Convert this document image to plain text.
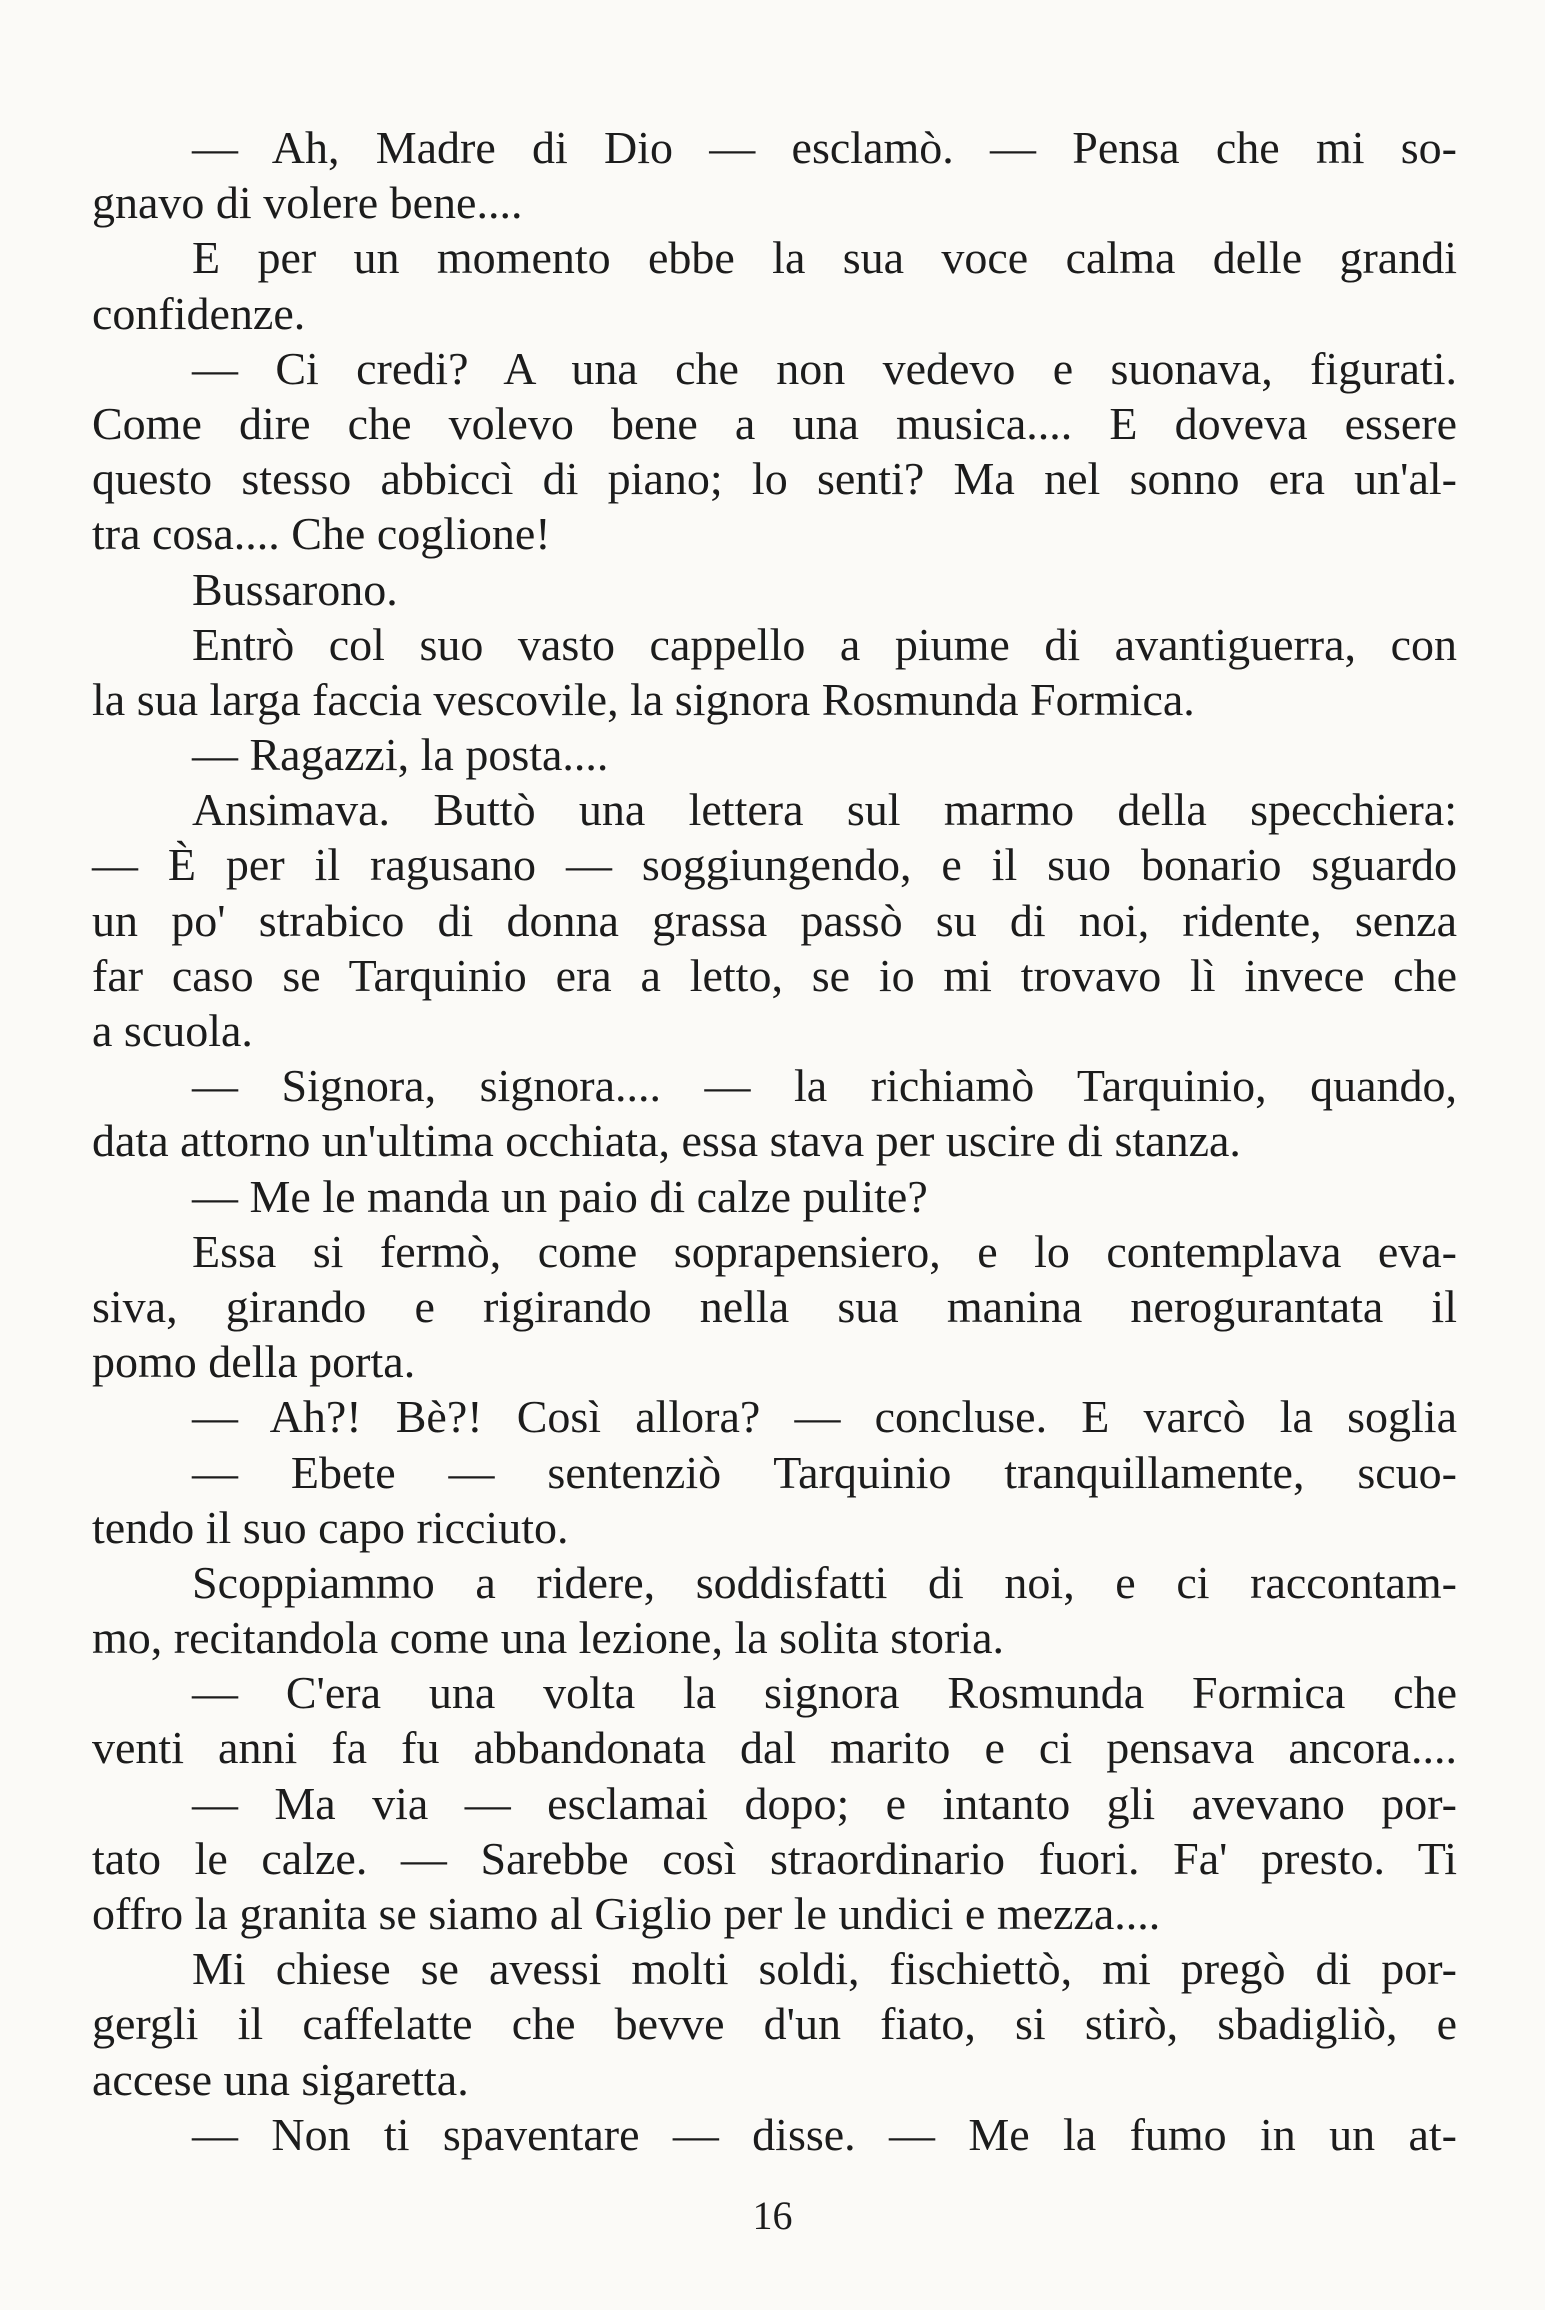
— Ah, Madre di Dio — esclamò. — Pensa che mi so-
gnavo di volere bene....
E per un momento ebbe la sua voce calma delle grandi
confidenze.
— Ci credi? A una che non vedevo e suonava, figurati.
Come dire che volevo bene a una musica.... E doveva essere
questo stesso abbiccì di piano; lo senti? Ma nel sonno era un'al-
tra cosa.... Che coglione!
Bussarono.
Entrò col suo vasto cappello a piume di avantiguerra, con
la sua larga faccia vescovile, la signora Rosmunda Formica.
— Ragazzi, la posta....
Ansimava. Buttò una lettera sul marmo della specchiera:
— È per il ragusano — soggiungendo, e il suo bonario sguardo
un po' strabico di donna grassa passò su di noi, ridente, senza
far caso se Tarquinio era a letto, se io mi trovavo lì invece che
a scuola.
— Signora, signora.... — la richiamò Tarquinio, quando,
data attorno un'ultima occhiata, essa stava per uscire di stanza.
— Me le manda un paio di calze pulite?
Essa si fermò, come soprapensiero, e lo contemplava eva-
siva, girando e rigirando nella sua manina nerogurantata il
pomo della porta.
— Ah?! Bè?! Così allora? — concluse. E varcò la soglia
— Ebete — sentenziò Tarquinio tranquillamente, scuo-
tendo il suo capo ricciuto.
Scoppiammo a ridere, soddisfatti di noi, e ci raccontam-
mo, recitandola come una lezione, la solita storia.
— C'era una volta la signora Rosmunda Formica che
venti anni fa fu abbandonata dal marito e ci pensava ancora....
— Ma via — esclamai dopo; e intanto gli avevano por-
tato le calze. — Sarebbe così straordinario fuori. Fa' presto. Ti
offro la granita se siamo al Giglio per le undici e mezza....
Mi chiese se avessi molti soldi, fischiettò, mi pregò di por-
gergli il caffelatte che bevve d'un fiato, si stirò, sbadigliò, e
accese una sigaretta.
— Non ti spaventare — disse. — Me la fumo in un at-
16
